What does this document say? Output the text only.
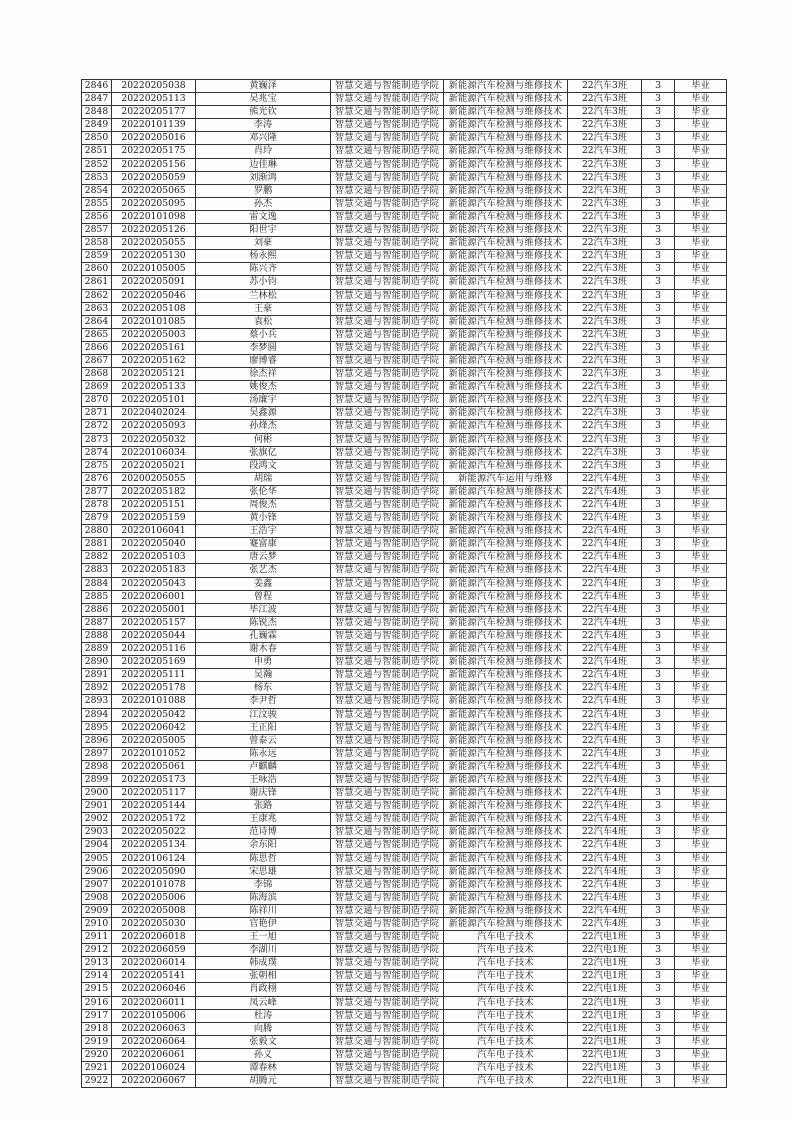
2846	20220205038	黄巍泽	智慧交通与智能制造学院	新能源汽车检测与维修技术	22汽车3班	3	毕业
2847	20220205113	吴兆宝	智慧交通与智能制造学院	新能源汽车检测与维修技术	22汽车3班	3	毕业
2848	20220205177	熊光钦	智慧交通与智能制造学院	新能源汽车检测与维修技术	22汽车3班	3	毕业
2849	20220101139	李涛	智慧交通与智能制造学院	新能源汽车检测与维修技术	22汽车3班	3	毕业
2850	20220205016	邓兴隆	智慧交通与智能制造学院	新能源汽车检测与维修技术	22汽车3班	3	毕业
2851	20220205175	肖玲	智慧交通与智能制造学院	新能源汽车检测与维修技术	22汽车3班	3	毕业
2852	20220205156	边佳琳	智慧交通与智能制造学院	新能源汽车检测与维修技术	22汽车3班	3	毕业
2853	20220205059	刘渐鸿	智慧交通与智能制造学院	新能源汽车检测与维修技术	22汽车3班	3	毕业
2854	20220205065	罗鹏	智慧交通与智能制造学院	新能源汽车检测与维修技术	22汽车3班	3	毕业
2855	20220205095	孙杰	智慧交通与智能制造学院	新能源汽车检测与维修技术	22汽车3班	3	毕业
2856	20220101098	雷文逸	智慧交通与智能制造学院	新能源汽车检测与维修技术	22汽车3班	3	毕业
2857	20220205126	阳世宇	智慧交通与智能制造学院	新能源汽车检测与维修技术	22汽车3班	3	毕业
2858	20220205055	刘豪	智慧交通与智能制造学院	新能源汽车检测与维修技术	22汽车3班	3	毕业
2859	20220205130	杨永熙	智慧交通与智能制造学院	新能源汽车检测与维修技术	22汽车3班	3	毕业
2860	20220105005	陈兴齐	智慧交通与智能制造学院	新能源汽车检测与维修技术	22汽车3班	3	毕业
2861	20220205091	苏小钧	智慧交通与智能制造学院	新能源汽车检测与维修技术	22汽车3班	3	毕业
2862	20220205046	兰林松	智慧交通与智能制造学院	新能源汽车检测与维修技术	22汽车3班	3	毕业
2863	20220205108	王豪	智慧交通与智能制造学院	新能源汽车检测与维修技术	22汽车3班	3	毕业
2864	20220101085	袁松	智慧交通与智能制造学院	新能源汽车检测与维修技术	22汽车3班	3	毕业
2865	20220205003	蔡小兵	智慧交通与智能制造学院	新能源汽车检测与维修技术	22汽车3班	3	毕业
2866	20220205161	李梦圆	智慧交通与智能制造学院	新能源汽车检测与维修技术	22汽车3班	3	毕业
2867	20220205162	廖博睿	智慧交通与智能制造学院	新能源汽车检测与维修技术	22汽车3班	3	毕业
2868	20220205121	徐杰祥	智慧交通与智能制造学院	新能源汽车检测与维修技术	22汽车3班	3	毕业
2869	20220205133	姚俊杰	智慧交通与智能制造学院	新能源汽车检测与维修技术	22汽车3班	3	毕业
2870	20220205101	汤廉宇	智慧交通与智能制造学院	新能源汽车检测与维修技术	22汽车3班	3	毕业
2871	20220402024	吴鑫源	智慧交通与智能制造学院	新能源汽车检测与维修技术	22汽车3班	3	毕业
2872	20220205093	孙烽杰	智慧交通与智能制造学院	新能源汽车检测与维修技术	22汽车3班	3	毕业
2873	20220205032	何彬	智慧交通与智能制造学院	新能源汽车检测与维修技术	22汽车3班	3	毕业
2874	20220106034	张旗亿	智慧交通与智能制造学院	新能源汽车检测与维修技术	22汽车3班	3	毕业
2875	20220205021	段鸿文	智慧交通与智能制造学院	新能源汽车检测与维修技术	22汽车3班	3	毕业
2876	20200205055	胡瑞	智慧交通与智能制造学院	新能源汽车运用与维修	22汽车4班	3	毕业
2877	20220205182	张伦华	智慧交通与智能制造学院	新能源汽车检测与维修技术	22汽车4班	3	毕业
2878	20220205151	周俊杰	智慧交通与智能制造学院	新能源汽车检测与维修技术	22汽车4班	3	毕业
2879	20220205159	黄小锋	智慧交通与智能制造学院	新能源汽车检测与维修技术	22汽车4班	3	毕业
2880	20220106041	王浩宇	智慧交通与智能制造学院	新能源汽车检测与维修技术	22汽车4班	3	毕业
2881	20220205040	蹇富康	智慧交通与智能制造学院	新能源汽车检测与维修技术	22汽车4班	3	毕业
2882	20220205103	唐云梦	智慧交通与智能制造学院	新能源汽车检测与维修技术	22汽车4班	3	毕业
2883	20220205183	张艺杰	智慧交通与智能制造学院	新能源汽车检测与维修技术	22汽车4班	3	毕业
2884	20220205043	姜鑫	智慧交通与智能制造学院	新能源汽车检测与维修技术	22汽车4班	3	毕业
2885	20220206001	曾程	智慧交通与智能制造学院	新能源汽车检测与维修技术	22汽车4班	3	毕业
2886	20220205001	毕江波	智慧交通与智能制造学院	新能源汽车检测与维修技术	22汽车4班	3	毕业
2887	20220205157	陈锐杰	智慧交通与智能制造学院	新能源汽车检测与维修技术	22汽车4班	3	毕业
2888	20220205044	孔巍霖	智慧交通与智能制造学院	新能源汽车检测与维修技术	22汽车4班	3	毕业
2889	20220205116	谢木春	智慧交通与智能制造学院	新能源汽车检测与维修技术	22汽车4班	3	毕业
2890	20220205169	申勇	智慧交通与智能制造学院	新能源汽车检测与维修技术	22汽车4班	3	毕业
2891	20220205111	吴瀚	智慧交通与智能制造学院	新能源汽车检测与维修技术	22汽车4班	3	毕业
2892	20220205178	杨东	智慧交通与智能制造学院	新能源汽车检测与维修技术	22汽车4班	3	毕业
2893	20220101088	李尹哲	智慧交通与智能制造学院	新能源汽车检测与维修技术	22汽车4班	3	毕业
2894	20220205042	江汶骏	智慧交通与智能制造学院	新能源汽车检测与维修技术	22汽车4班	3	毕业
2895	20220206042	王正阳	智慧交通与智能制造学院	新能源汽车检测与维修技术	22汽车4班	3	毕业
2896	20220205005	曾泰云	智慧交通与智能制造学院	新能源汽车检测与维修技术	22汽车4班	3	毕业
2897	20220101052	陈永远	智慧交通与智能制造学院	新能源汽车检测与维修技术	22汽车4班	3	毕业
2898	20220205061	卢麒麟	智慧交通与智能制造学院	新能源汽车检测与维修技术	22汽车4班	3	毕业
2899	20220205173	王咏浩	智慧交通与智能制造学院	新能源汽车检测与维修技术	22汽车4班	3	毕业
2900	20220205117	谢庆锋	智慧交通与智能制造学院	新能源汽车检测与维修技术	22汽车4班	3	毕业
2901	20220205144	张路	智慧交通与智能制造学院	新能源汽车检测与维修技术	22汽车4班	3	毕业
2902	20220205172	王康兆	智慧交通与智能制造学院	新能源汽车检测与维修技术	22汽车4班	3	毕业
2903	20220205022	范诗博	智慧交通与智能制造学院	新能源汽车检测与维修技术	22汽车4班	3	毕业
2904	20220205134	余东阳	智慧交通与智能制造学院	新能源汽车检测与维修技术	22汽车4班	3	毕业
2905	20220106124	陈思哲	智慧交通与智能制造学院	新能源汽车检测与维修技术	22汽车4班	3	毕业
2906	20220205090	宋思雄	智慧交通与智能制造学院	新能源汽车检测与维修技术	22汽车4班	3	毕业
2907	20220101078	李锦	智慧交通与智能制造学院	新能源汽车检测与维修技术	22汽车4班	3	毕业
2908	20220205006	陈海滨	智慧交通与智能制造学院	新能源汽车检测与维修技术	22汽车4班	3	毕业
2909	20220205008	陈祥川	智慧交通与智能制造学院	新能源汽车检测与维修技术	22汽车4班	3	毕业
2910	20220205030	官艳伊	智慧交通与智能制造学院	新能源汽车检测与维修技术	22汽车4班	3	毕业
2911	20220206018	王一旭	智慧交通与智能制造学院	汽车电子技术	22汽电1班	3	毕业
2912	20220206059	李湖川	智慧交通与智能制造学院	汽车电子技术	22汽电1班	3	毕业
2913	20220206014	韩成璞	智慧交通与智能制造学院	汽车电子技术	22汽电1班	3	毕业
2914	20220205141	张朝相	智慧交通与智能制造学院	汽车电子技术	22汽电1班	3	毕业
2915	20220206046	肖政栩	智慧交通与智能制造学院	汽车电子技术	22汽电1班	3	毕业
2916	20220206011	凤云峰	智慧交通与智能制造学院	汽车电子技术	22汽电1班	3	毕业
2917	20220105006	杜涛	智慧交通与智能制造学院	汽车电子技术	22汽电1班	3	毕业
2918	20220206063	向腾	智慧交通与智能制造学院	汽车电子技术	22汽电1班	3	毕业
2919	20220206064	张毅文	智慧交通与智能制造学院	汽车电子技术	22汽电1班	3	毕业
2920	20220206061	孙义	智慧交通与智能制造学院	汽车电子技术	22汽电1班	3	毕业
2921	20220106024	谭春林	智慧交通与智能制造学院	汽车电子技术	22汽电1班	3	毕业
2922	20220206067	胡腾元	智慧交通与智能制造学院	汽车电子技术	22汽电1班	3	毕业
